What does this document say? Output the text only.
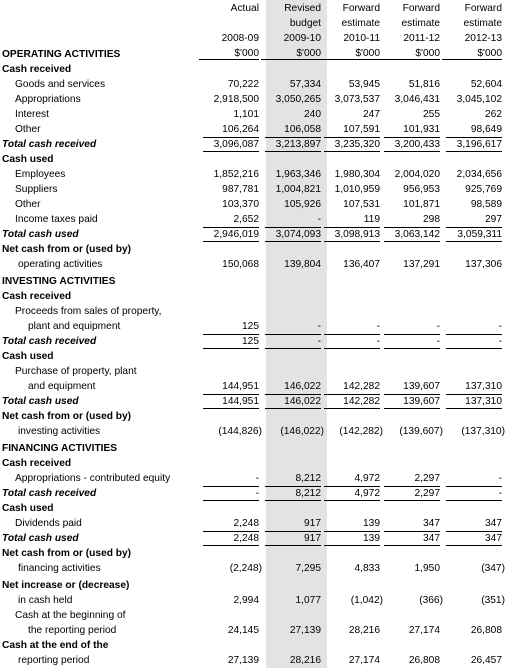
Actual
2008-09
$'000
Revised
budget
2009-10
$'000
Forward
estimate
2010-11
$'000
Forward
estimate
2011-12
$'000
Forward
estimate
2012-13
$'000
OPERATING ACTIVITIES
Cash received
Goods and services	70,222	57,334	53,945	51,816	52,604
Appropriations	2,918,500	3,050,265	3,073,537	3,046,431	3,045,102
Interest	1,101	240	247	255	262
Other	106,264	106,058	107,591	101,931	98,649
Total cash received	3,096,087	3,213,897	3,235,320	3,200,433	3,196,617
Cash used
Employees	1,852,216	1,963,346	1,980,304	2,004,020	2,034,656
Suppliers	987,781	1,004,821	1,010,959	956,953	925,769
Other	103,370	105,926	107,531	101,871	98,589
Income taxes paid	2,652	-	119	298	297
Total cash used	2,946,019	3,074,093	3,098,913	3,063,142	3,059,311
Net cash from or (used by)
operating activities	150,068	139,804	136,407	137,291	137,306
INVESTING ACTIVITIES
Cash received
Proceeds from sales of property,
plant and equipment	125	-	-	-	-
Total cash received	125	-	-	-	-
Cash used
Purchase of property, plant
and equipment	144,951	146,022	142,282	139,607	137,310
Total cash used	144,951	146,022	142,282	139,607	137,310
Net cash from or (used by)
investing activities	(144,826)	(146,022)	(142,282)	(139,607)	(137,310)
FINANCING ACTIVITIES
Cash received
Appropriations - contributed equity	-	8,212	4,972	2,297	-
Total cash received	-	8,212	4,972	2,297	-
Cash used
Dividends paid	2,248	917	139	347	347
Total cash used	2,248	917	139	347	347
Net cash from or (used by)
financing activities	(2,248)	7,295	4,833	1,950	(347)
Net increase or (decrease)
in cash held	2,994	1,077	(1,042)	(366)	(351)
Cash at the beginning of
the reporting period	24,145	27,139	28,216	27,174	26,808
Cash at the end of the
reporting period	27,139	28,216	27,174	26,808	26,457
